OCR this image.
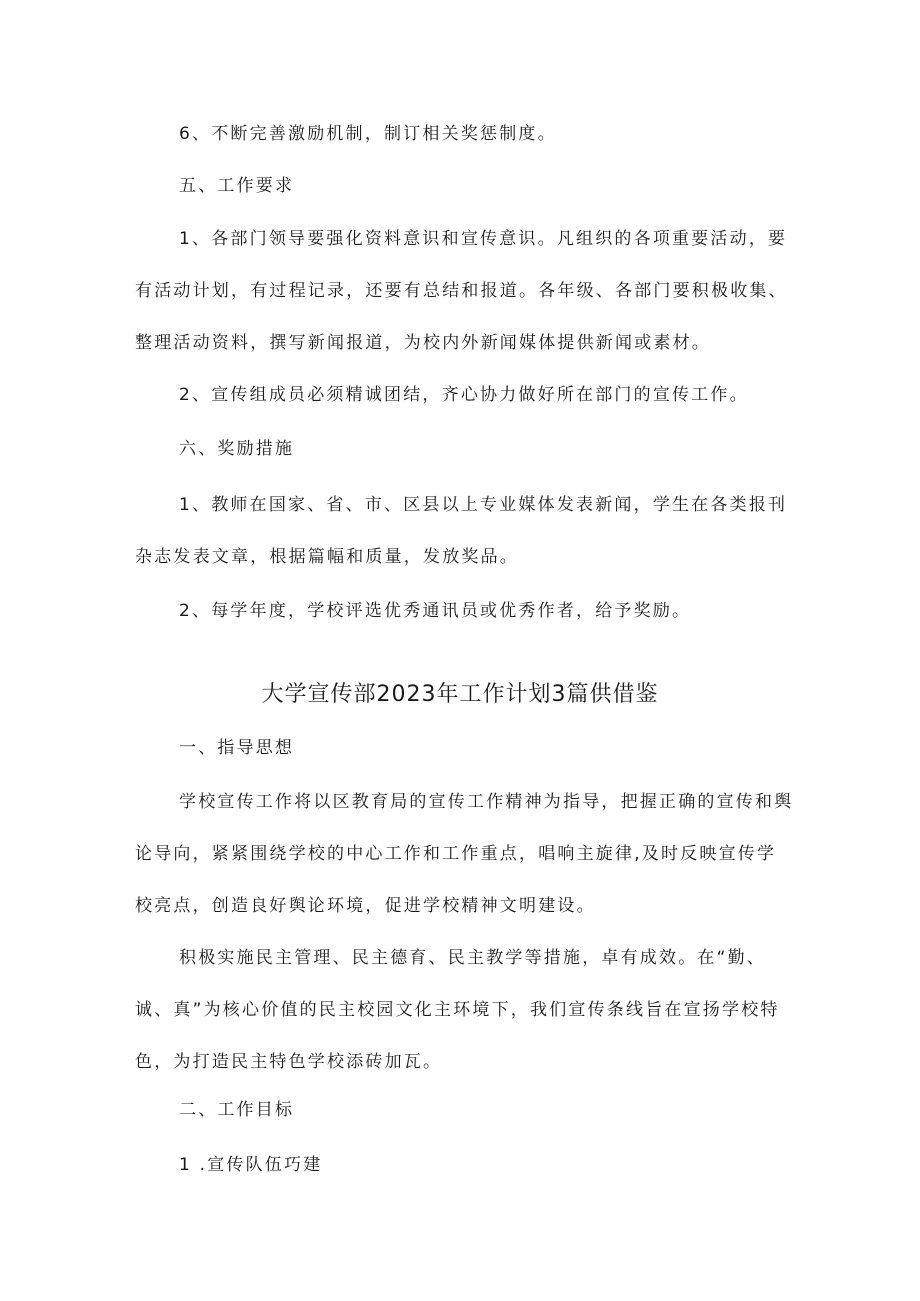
6、不断完善激励机制，制订相关奖惩制度。

五、工作要求

1、各部门领导要强化资料意识和宣传意识。凡组织的各项重要活动，要有活动计划，有过程记录，还要有总结和报道。各年级、各部门要积极收集、整理活动资料，撰写新闻报道，为校内外新闻媒体提供新闻或素材。

2、宣传组成员必须精诚团结，齐心协力做好所在部门的宣传工作。

六、奖励措施

1、教师在国家、省、市、区县以上专业媒体发表新闻，学生在各类报刊杂志发表文章，根据篇幅和质量，发放奖品。

2、每学年度，学校评选优秀通讯员或优秀作者，给予奖励。

大学宣传部2023年工作计划3篇供借鉴

一、指导思想

学校宣传工作将以区教育局的宣传工作精神为指导，把握正确的宣传和舆论导向，紧紧围绕学校的中心工作和工作重点，唱响主旋律,及时反映宣传学校亮点，创造良好舆论环境，促进学校精神文明建设。

积极实施民主管理、民主德育、民主教学等措施，卓有成效。在“勤、诚、真”为核心价值的民主校园文化主环境下，我们宣传条线旨在宣扬学校特色，为打造民主特色学校添砖加瓦。

二、工作目标

1 .宣传队伍巧建
